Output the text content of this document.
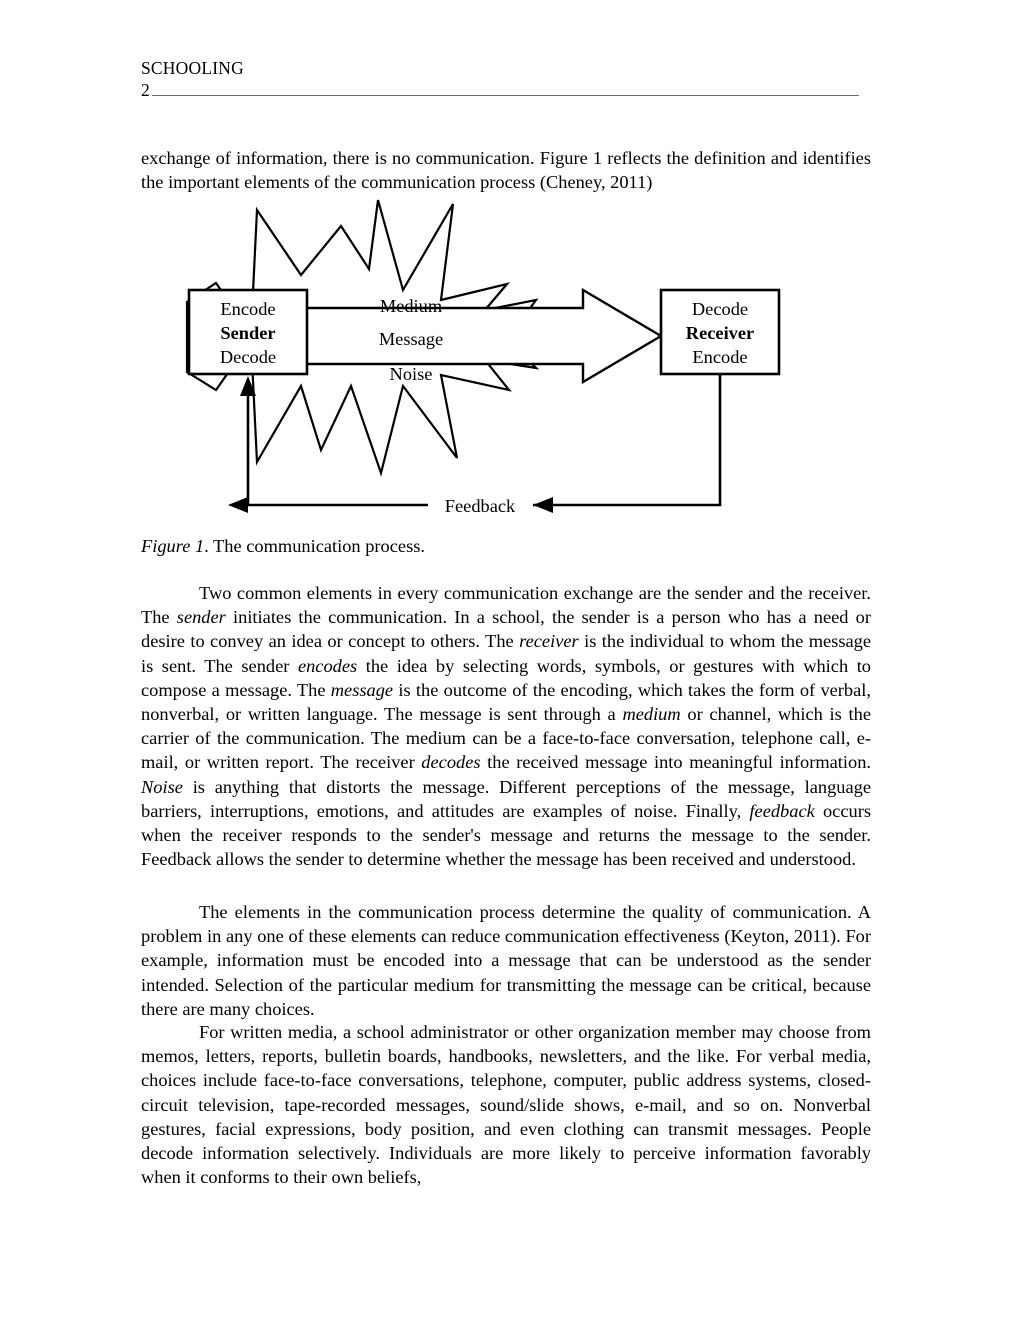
SCHOOLING
2

exchange of information, there is no communication. Figure 1 reflects the definition and identifies the important elements of the communication process (Cheney, 2011)

Encode
Sender
Decode
Decode
Receiver
Encode
Medium
Message
Noise
Feedback

Figure 1. The communication process.

Two common elements in every communication exchange are the sender and the receiver. The sender initiates the communication. In a school, the sender is a person who has a need or desire to convey an idea or concept to others. The receiver is the individual to whom the message is sent. The sender encodes the idea by selecting words, symbols, or gestures with which to compose a message. The message is the outcome of the encoding, which takes the form of verbal, nonverbal, or written language. The message is sent through a medium or channel, which is the carrier of the communication. The medium can be a face-to-face conversation, telephone call, e-mail, or written report. The receiver decodes the received message into meaningful information. Noise is anything that distorts the message. Different perceptions of the message, language barriers, interruptions, emotions, and attitudes are examples of noise. Finally, feedback occurs when the receiver responds to the sender's message and returns the message to the sender. Feedback allows the sender to determine whether the message has been received and understood.

The elements in the communication process determine the quality of communication. A problem in any one of these elements can reduce communication effectiveness (Keyton, 2011). For example, information must be encoded into a message that can be understood as the sender intended. Selection of the particular medium for transmitting the message can be critical, because there are many choices.

For written media, a school administrator or other organization member may choose from memos, letters, reports, bulletin boards, handbooks, newsletters, and the like. For verbal media, choices include face-to-face conversations, telephone, computer, public address systems, closed-circuit television, tape-recorded messages, sound/slide shows, e-mail, and so on. Nonverbal gestures, facial expressions, body position, and even clothing can transmit messages. People decode information selectively. Individuals are more likely to perceive information favorably when it conforms to their own beliefs,
